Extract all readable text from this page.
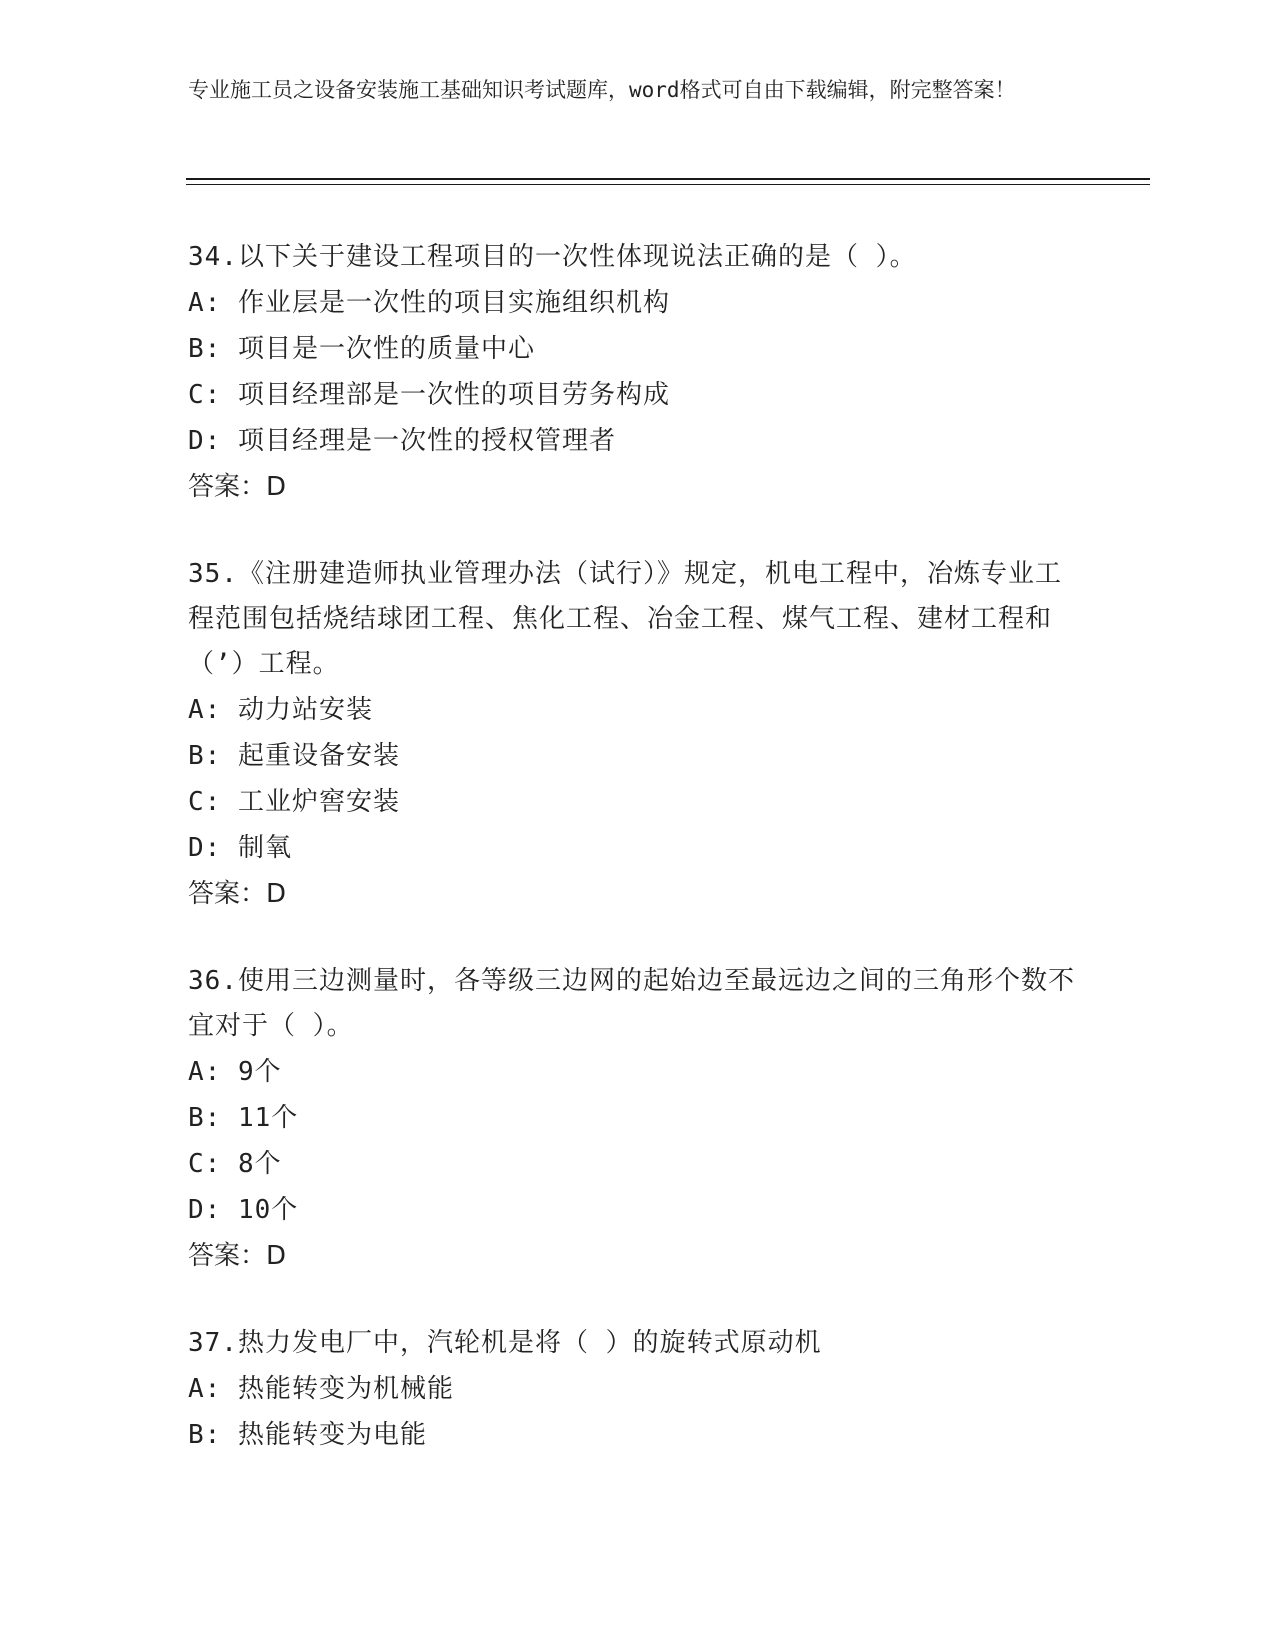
专业施工员之设备安装施工基础知识考试题库，word格式可自由下载编辑，附完整答案！
34.以下关于建设工程项目的一次性体现说法正确的是（ ）。
A: 作业层是一次性的项目实施组织机构
B: 项目是一次性的质量中心
C: 项目经理部是一次性的项目劳务构成
D: 项目经理是一次性的授权管理者
答案：D
35.《注册建造师执业管理办法（试行）》规定，机电工程中，冶炼专业工程范围包括烧结球团工程、焦化工程、冶金工程、煤气工程、建材工程和（’）工程。
A: 动力站安装
B: 起重设备安装
C: 工业炉窖安装
D: 制氧
答案：D
36.使用三边测量时，各等级三边网的起始边至最远边之间的三角形个数不宜对于（ ）。
A: 9个
B: 11个
C: 8个
D: 10个
答案：D
37.热力发电厂中，汽轮机是将（ ）的旋转式原动机
A: 热能转变为机械能
B: 热能转变为电能
